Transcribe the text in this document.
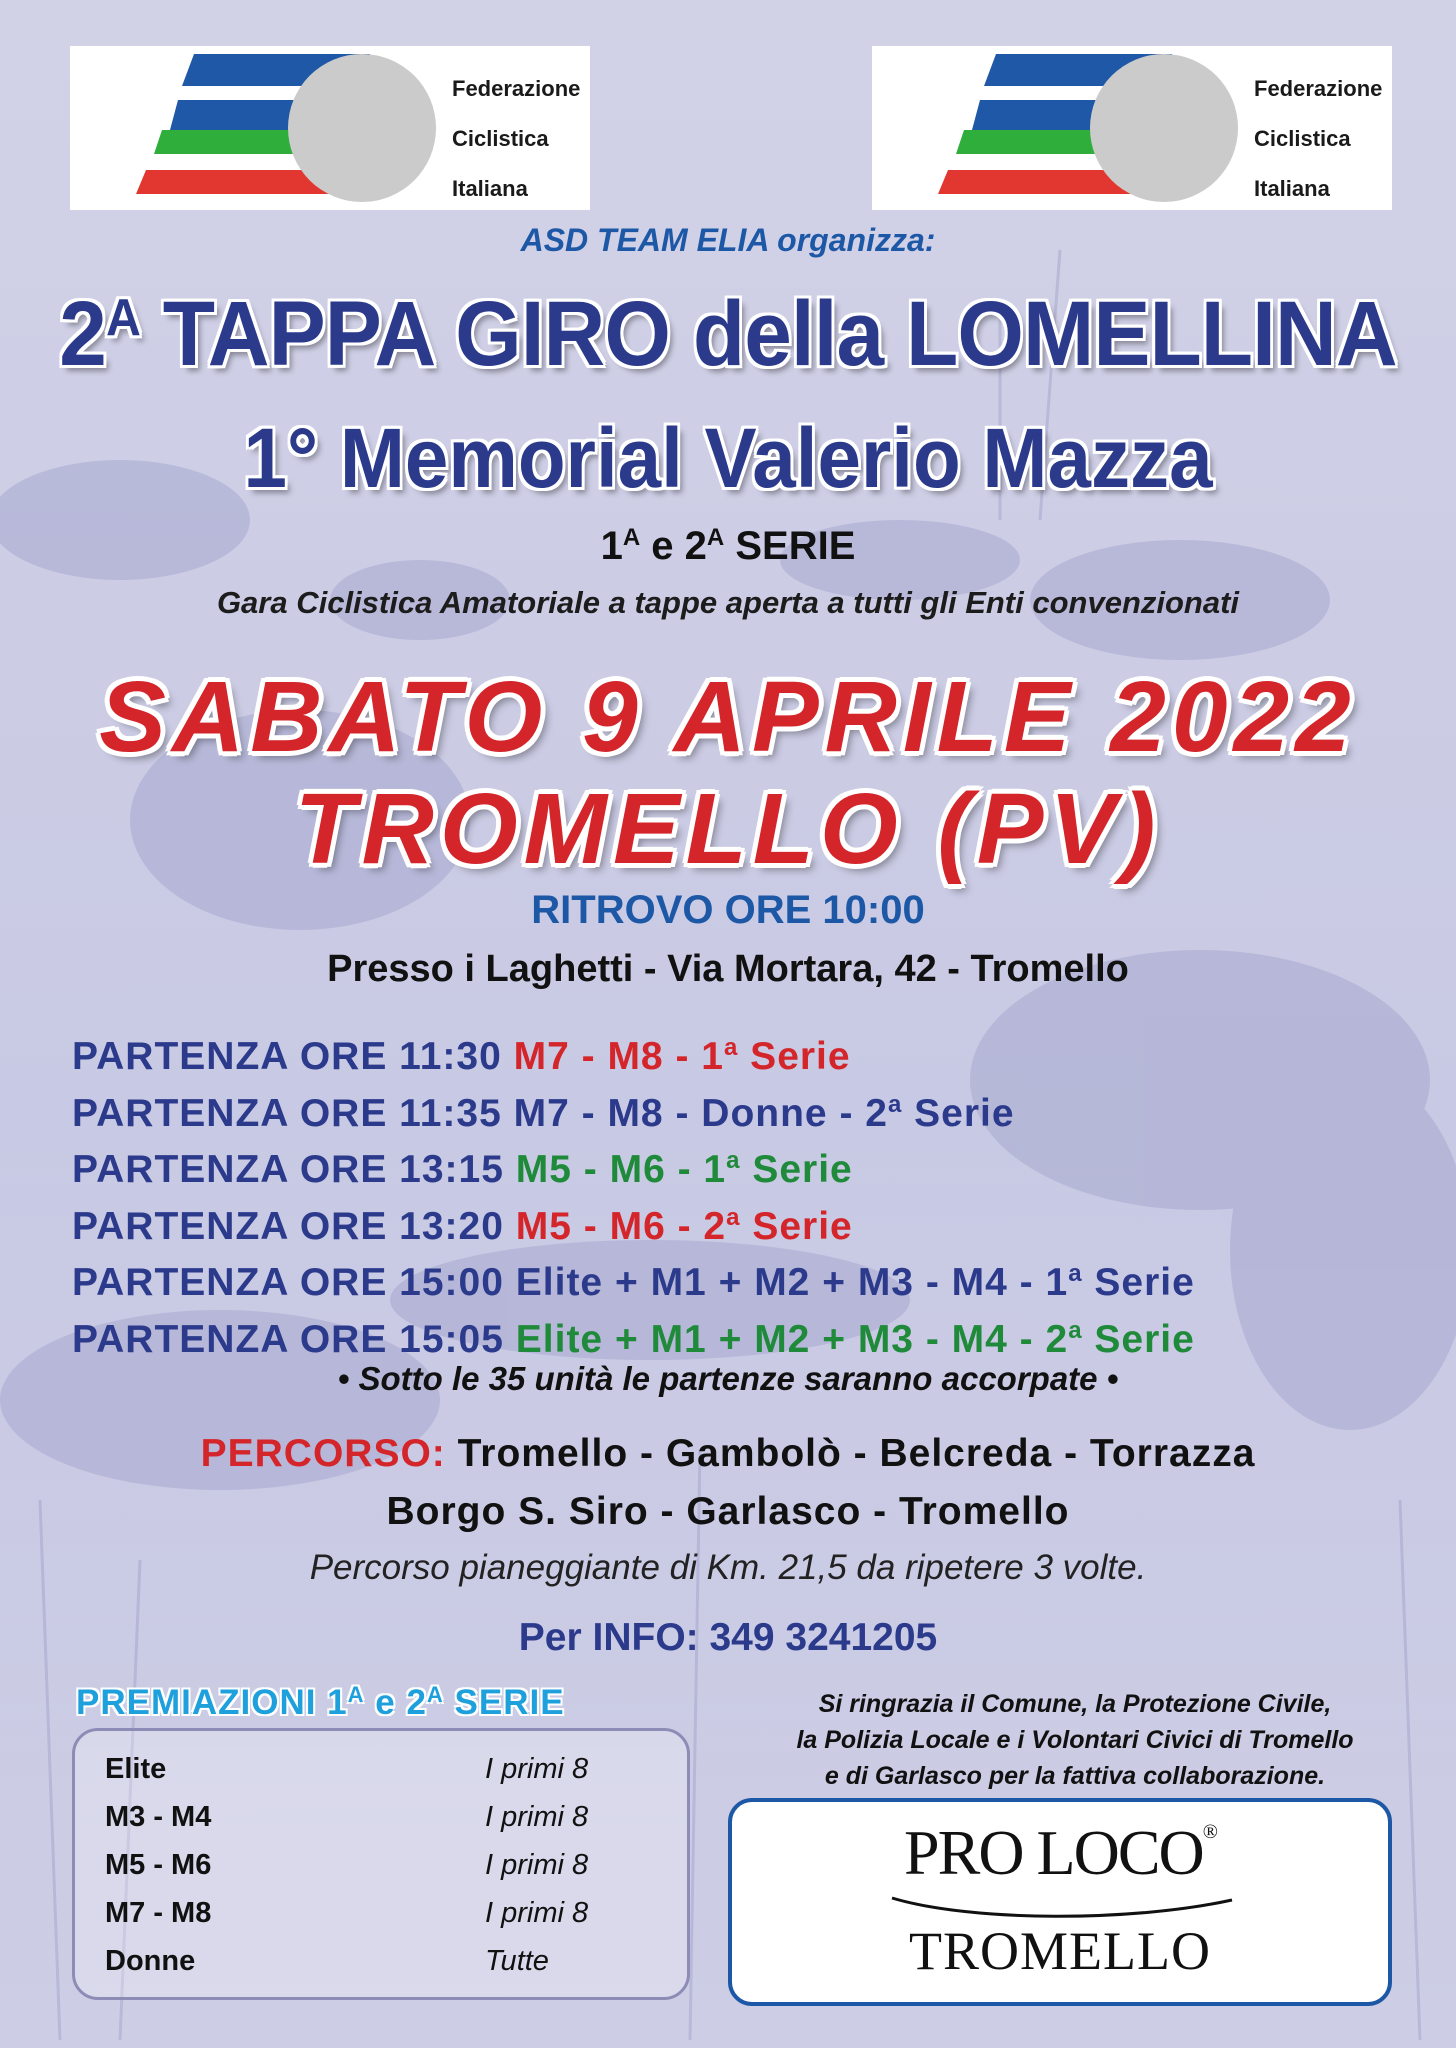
Federazione
Ciclistica
Italiana
Federazione
Ciclistica
Italiana
ASD TEAM ELIA organizza:
$2^A$ TAPPA GIRO della LOMELLINA
1° Memorial Valerio Mazza
$1^A$ e $2^A$ SERIE
Gara Ciclistica Amatoriale a tappe aperta a tutti gli Enti convenzionati
SABATO 9 APRILE 2022
TROMELLO (PV)
RITROVO ORE 10:00
Presso i Laghetti - Via Mortara, 42 - Tromello
PARTENZA ORE 11:30 M7 - M8 - 1$^a$ Serie
PARTENZA ORE 11:35 M7 - M8 - Donne - 2$^a$ Serie
PARTENZA ORE 13:15 M5 - M6 - 1$^a$ Serie
PARTENZA ORE 13:20 M5 - M6 - 2$^a$ Serie
PARTENZA ORE 15:00 Elite + M1 + M2 + M3 - M4 - 1$^a$ Serie
PARTENZA ORE 15:05 Elite + M1 + M2 + M3 - M4 - 2$^a$ Serie
• Sotto le 35 unità le partenze saranno accorpate •
PERCORSO: Tromello - Gambolò - Belcreda - Torrazza
Borgo S. Siro - Garlasco - Tromello
Percorso pianeggiante di Km. 21,5 da ripetere 3 volte.
Per INFO: 349 3241205
PREMIAZIONI $1^A$ e $2^A$ SERIE
Elite	I primi 8
M3 - M4	I primi 8
M5 - M6	I primi 8
M7 - M8	I primi 8
Donne	Tutte
Si ringrazia il Comune, la Protezione Civile,
la Polizia Locale e i Volontari Civici di Tromello
e di Garlasco per la fattiva collaborazione.
PRO LOCO®
TROMELLO
